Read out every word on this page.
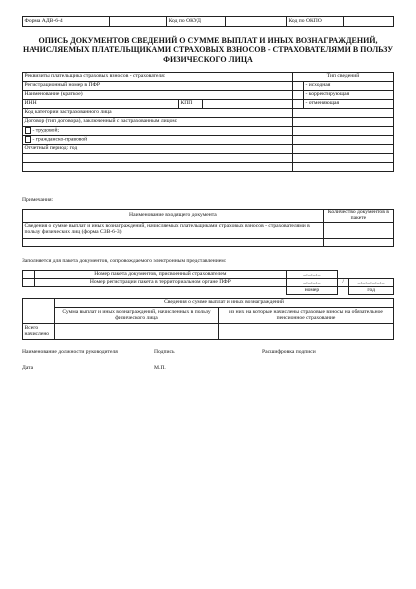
Форма АДВ-6-4		Код по ОКУД		Код по ОКПО	
ОПИСЬ ДОКУМЕНТОВ СВЕДЕНИЙ О СУММЕ ВЫПЛАТ И ИНЫХ ВОЗНАГРАЖДЕНИЙ, НАЧИСЛЯЕМЫХ ПЛАТЕЛЬЩИКАМИ СТРАХОВЫХ ВЗНОСОВ - СТРАХОВАТЕЛЯМИ В ПОЛЬЗУ ФИЗИЧЕСКОГО ЛИЦА
Реквизиты плательщика страховых взносов - страхователя:			Тип сведений	
Регистрационный номер в ПФР				- исходная
Наименование (краткое)				- корректирующая
ИНН	КПП			- отменяющая
Код категории застрахованного лица				
Договор (тип договора), заключенный с застрахованным лицом:				
- трудовой;				
- гражданско-правовой				
Отчетный период: год				

Примечания:
Наименование входящего документа	Количество документов в пакете
Сведения о сумме выплат и иных вознаграждений, начисляемых плательщиками страховых взносов - страхователями в пользу физических лиц (форма СЗВ-6-3)	

Заполняется для пакета документов, сопровождаемого электронным представлением:
	Номер пакета документов, присвоенный страхователем	_,_,_,_		
	Номер регистрации пакета в территориальном органе ПФР	_,_,_,_	/	_,_,_,_,_,_
		номер		год
	Сведения о сумме выплат и иных вознаграждений	
	Сумма выплат и иных вознаграждений, начисленных в пользу физического лица	из них на которые начислены страховые взносы на обязательное пенсионное страхование
Всего начислено		
Наименование должности руководителя	Подпись	Расшифровка подписи
Дата	М.П.
